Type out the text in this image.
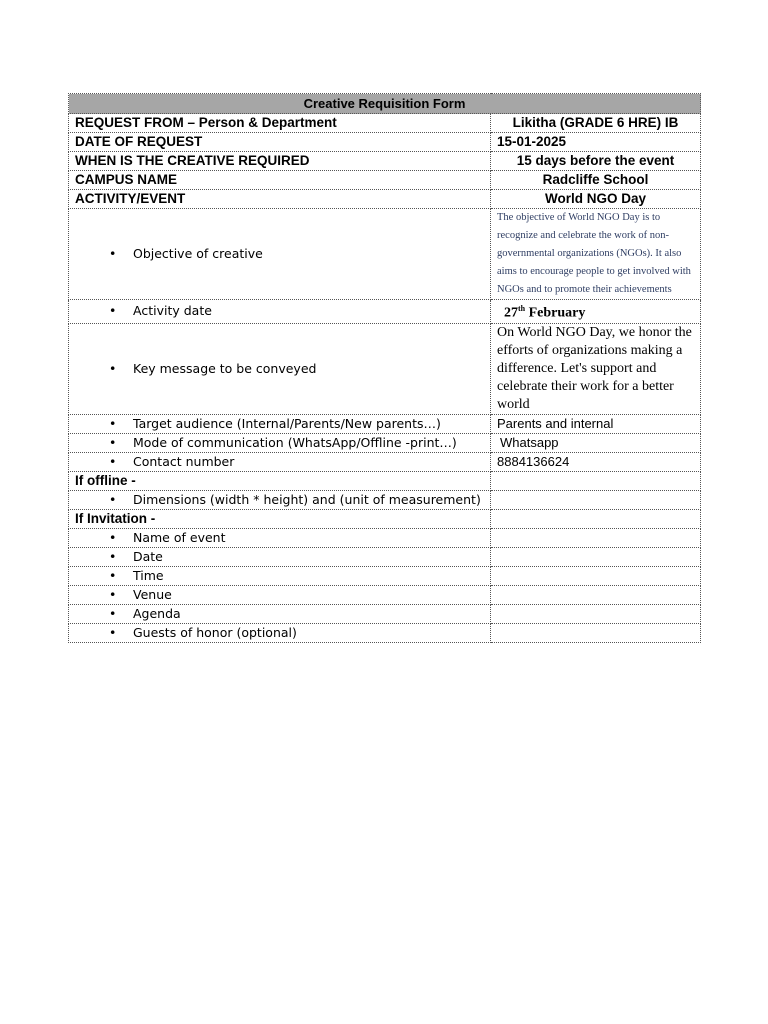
Creative Requisition Form	
REQUEST FROM – Person & Department	Likitha (GRADE 6 HRE) IB
DATE OF REQUEST	15-01-2025
WHEN IS THE CREATIVE REQUIRED	15 days before the event
CAMPUS NAME	Radcliffe School
ACTIVITY/EVENT	World NGO Day
• Objective of creative	The objective of World NGO Day is to recognize and celebrate the work of non-governmental organizations (NGOs). It also aims to encourage people to get involved with NGOs and to promote their achievements
• Activity date	27th February
• Key message to be conveyed	On World NGO Day, we honor the efforts of organizations making a difference. Let's support and celebrate their work for a better world
• Target audience (Internal/Parents/New parents…)	Parents and internal
• Mode of communication (WhatsApp/Offline -print…)	Whatsapp
• Contact number	8884136624
If offline -	
• Dimensions (width * height) and (unit of measurement)	
If Invitation -	
• Name of event	
• Date	
• Time	
• Venue	
• Agenda	
• Guests of honor (optional)	
